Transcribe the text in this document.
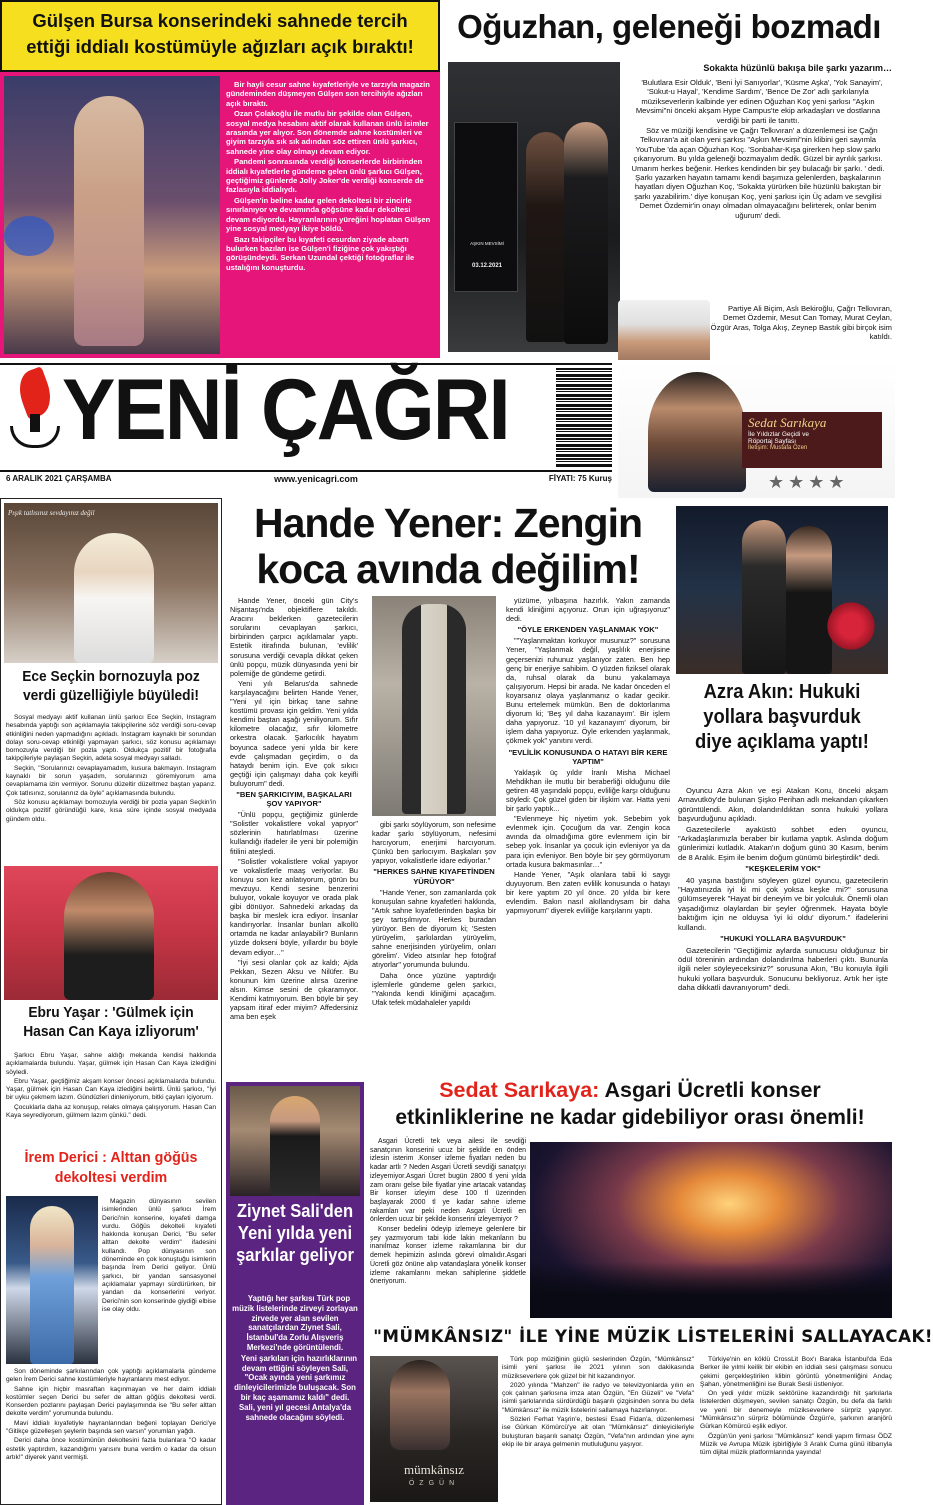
Gülşen Bursa konserindeki sahnede tercih ettiği iddialı kostümüyle ağızları açık bıraktı!

Bir hayli cesur sahne kıyafetleriyle ve tarzıyla magazin gündeminden düşmeyen Gülşen son tercihiyle ağızları açık bıraktı.

Ozan Çolakoğlu ile mutlu bir şekilde olan Gülşen, sosyal medya hesabını aktif olarak kullanan ünlü isimler arasında yer alıyor. Son dönemde sahne kostümleri ve giyim tarzıyla sık sık adından söz ettiren ünlü şarkıcı, sahnede yine olay olmayı devam ediyor.

Pandemi sonrasında verdiği konserlerde birbirinden iddialı kıyafetlerle gündeme gelen ünlü şarkıcı Gülşen, geçtiğimiz günlerde Jolly Joker'de verdiği konserde de fazlasıyla iddialıydı.

Gülşen'in beline kadar gelen dekoltesi bir zincirle sınırlanıyor ve devamında göğsüne kadar dekoltesi devam ediyordu. Hayranlarının yüreğini hoplatan Gülşen yine sosyal medyayı ikiye böldü.

Bazı takipçiler bu kıyafeti cesurdan ziyade abartı bulurken bazıları ise Gülşen'i fiziğine çok yakıştığı görüşündeydi. Serkan Uzundal çektiği fotoğraflar ile ustalığını konuşturdu.

Oğuzhan, geleneği bozmadı
AŞKIN MEVSİMİ
03.12.2021
Sokakta hüzünlü bakışa bile şarkı yazarım…

'Bulutlara Esir Olduk', 'Beni İyi Sanıyorlar', 'Küsme Aşka', 'Yok Sanayim', 'Sükut-u Hayal', 'Kendime Sardım', 'Bence De Zor' adlı şarkılarıyla müzikseverlerin kalbinde yer edinen Oğuzhan Koç yeni şarkısı "Aşkın Mevsimi"ni önceki akşam Hype Campus'te ekip arkadaşları ve dostlarına verdiği bir parti ile tanıttı.

Söz ve müziği kendisine ve Çağrı Telkıvıran' a düzenlemesi ise Çağrı Telkıvıran'a ait olan yeni şarkısı "Aşkın Mevsimi"nin klibini geri sayımla YouTube 'da açan Oğuzhan Koç. 'Sonbahar-Kışa girerken hep slow şarkı çıkarıyorum. Bu yılda geleneği bozmayalım dedik. Güzel bir ayrılık şarkısı. Umarım herkes beğenir. Herkes kendinden bir şey bulacağı bir şarkı. ' dedi. Şarkı yazarken hayatın tamamı kendi başımıza gelenlerden, başkalarının hayatları diyen Oğuzhan Koç, 'Sokakta yürürken bile hüzünlü bakıştan bir şarkı yazabilirim.' diye konuşan Koç, yeni şarkısı için Üç adam ve sevgilisi Demet Özdemir'in onayı olmadan olmayacağını belirterek, onlar benim uğurum' dedi.

Partiye Ali Biçim, Aslı Bekiroğlu, Çağrı Telkıvıran, Demet Özdemir, Mesut Can Tomay, Murat Ceylan, Özgür Aras, Tolga Akış, Zeynep Bastık gibi birçok isim katıldı.

YENİ ÇAĞRI
6 ARALIK 2021 ÇARŞAMBA	www.yenicagri.com	FİYATI: 75 Kuruş
Sedat Sarıkaya
İle Yıldızlar Geçidi ve
Röportaj Sayfası
İletişim: Mustafa Özen
★★★★
Pışık tatlısınız sevdayınız değil
Ece Seçkin bornozuyla poz verdi güzelliğiyle büyüledi!

Sosyal medyayı aktif kullanan ünlü şarkıcı Ece Seçkin, Instagram hesabında yaptığı son açıklamayla takipçilerine söz verdiği soru-cevap etkinliğini neden yapmadığını açıkladı. Instagram kaynaklı bir sorundan dolayı soru-cevap etkinliği yapmayan şarkıcı, söz konusu açıklamayı bornozuyla verdiği bir pozla yaptı. Oldukça pozitif bir fotoğrafla takipçileriyle paylaşan Seçkin, adeta sosyal medyayı salladı.

Seçkin, "Sorularınızı cevaplayamadım, kusura bakmayın. Instagram kaynaklı bir sorun yaşadım, sorularınızı göremiyorum ama cevaplamama izin vermiyor. Sorunu düzeltir düzeltmez baştan yaparız. Çok tatlısınız, sorularınız da öyle" açıklamasında bulundu.

Söz konusu açıklamayı bornozuyla verdiği bir pozla yapan Seçkin'in oldukça pozitif göründüğü kare, kısa süre içinde sosyal medyada gündem oldu.

Ebru Yaşar : 'Gülmek için Hasan Can Kaya izliyorum'

Şarkıcı Ebru Yaşar, sahne aldığı mekanda kendisi hakkında açıklamalarda bulundu. Yaşar, gülmek için Hasan Can Kaya izlediğini söyledi.

Ebru Yaşar, geçtiğimiz akşam konser öncesi açıklamalarda bulundu. Yaşar, gülmek için Hasan Can Kaya izlediğini belirtti. Ünlü şarkıcı, "İyi bir uyku çekmem lazım. Gündüzleri dinleniyorum, bitki çayları içiyorum.

Çocuklarla daha az konuşup, relaks olmaya çalışıyorum. Hasan Can Kaya seyrediyorum, gülmem lazım çünkü." dedi.

İrem Derici : Alttan göğüs dekoltesi verdim

Magazin dünyasının sevilen isimlerinden ünlü şarkıcı İrem Derici'nin konserine, kıyafeti damga vurdu. Göğüs dekolteli kıyafeti hakkında konuşan Derici, "Bu sefer alttan dekolte verdim" ifadesini kullandı. Pop dünyasının son döneminde en çok konuştuğu isimlerin başında İrem Derici geliyor. Ünlü şarkıcı, bir yandan sansasyonel açıklamalar yapmayı sürdürürken, bir yandan da konserlerini veriyor. Derici'nin son konserinde giydiği elbise ise olay oldu.

Son döneminde şarkılarından çok yaptığı açıklamalarla gündeme gelen İrem Derici sahne kostümleriyle hayranlarını mest ediyor.

Sahne için hiçbir masraftan kaçınmayan ve her daim iddialı kostümler seçen Derici bu sefer de alttan göğüs dekoltesi verdi. Konserden pozlarını paylaşan Derici paylaşımında ise "Bu sefer alttan dekolte verdim" yorumunda bulundu.

Mavi iddialı kıyafetiyle hayranlarından beğeni toplayan Derici'ye "Gitikçe güzelleşen şeylerin başında sen varsın" yorumları yağdı.

Derici daha önce kostümünün dekoltesini fazla bulanlara "O kadar estetik yaptırdım, kazandığımı yarısını buna verdim o kadar da olsun artık!" diyerek yanıt vermişti.

Hande Yener: Zengin
koca avında değilim!

Hande Yener, önceki gün City's Nişantaşı'nda objektiflere takıldı. Aracını beklerken gazetecilerin sorularını cevaplayan şarkıcı, birbirinden çarpıcı açıklamalar yaptı. Estetik itirafında bulunan, 'evlilik' sorusuna verdiği cevapla dikkat çeken ünlü popçu, müzik dünyasında yeni bir polemiğe de gündeme getirdi.

Yeni yılı Belarus'da sahnede karşılayacağını belirten Hande Yener, "Yeni yıl için birkaç tane sahne kostümü provası için geldim. Yeni yılda kendimi baştan aşağı yeniliyorum. Sıfır kilometre olacağız, sıfır kilometre orkestra olacak. Şarkıcılık hayatım boyunca sadece yeni yılda bir kere evde çalışmadan geçirdim, o da hataydı benim için. Eve çok sıkıcı geçtiği için çalışmayı daha çok keyifli buluyorum" dedi.

"BEN ŞARKICIYIM, BAŞKALARI ŞOV YAPIYOR"

"Ünlü popçu, geçtiğimiz günlerde "Solistler vokalistlere vokal yapıyor" sözlerinin hatırlatılması üzerine kullandığı ifadeler ile yeni bir polemiğin fitilini ateşledi.

"Solistler vokalistlere vokal yapıyor ve vokalistlerle maaş veriyorlar. Bu konuyu son kez anlatıyorum, görün bu mevzuyu. Kendi sesine benzerini buluyor, vokale koyuyor ve orada plak gibi dönüyor. Sahnedeki arkadaş da başka bir meslek icra ediyor. İnsanlar kandırıyorlar. İnsanlar bunları alkollü ortamda ne kadar anlayabilir? Bunların yüzde dokseni böyle, yıllardır bu böyle devam ediyor…"

"İyi sesi olanlar çok az kaldı; Ajda Pekkan, Sezen Aksu ve Nilüfer. Bu konunun kim üzerine alırsa üzerine alsın. Kimse sesini de çıkaramıyor. Kendimi katmıyorum. Ben böyle bir şey yapsam itiraf eder miyim? Affedersiniz ama ben eşek

gibi şarkı söylüyorum, son nefesime kadar şarkı söylüyorum, nefesimi harcıyorum, enerjimi harcıyorum. Çünkü ben şarkıcıyım. Başkaları şov yapıyor, vokalistlerle idare ediyorlar."

"HERKES SAHNE KIYAFETİNDEN YÜRÜYOR"

"Hande Yener, son zamanlarda çok konuşulan sahne kıyafetleri hakkında, "Artık sahne kıyafetlerinden başka bir şey tartışılmıyor. Herkes buradan yürüyor. Ben de diyorum ki; 'Sesten yürüyelim, şarkılardan yürüyelim, sahne enerjisinden yürüyelim, onları görelim'. Video atsınlar hep fotoğraf atıyorlar" yorumunda bulundu.

Daha önce yüzüne yaptırdığı işlemlerle gündeme gelen şarkıcı, "Yakında kendi kliniğimi açacağım. Ufak tefek müdahaleler yapıldı

yüzüme, yılbaşına hazırlık. Yakın zamanda kendi kliniğimi açıyoruz. Orun için uğraşıyoruz" dedi.

"ÖYLE ERKENDEN YAŞLANMAK YOK"

""Yaşlanmaktan korkuyor musunuz?" sorusuna Yener, "Yaşlanmak değil, yaşlılık enerjisine geçersenizi ruhunuz yaşlanıyor zaten. Ben hep genç bir enerjiye sahibim. O yüzden fiziksel olarak da, ruhsal olarak da bunu yakalamaya çalışıyorum. Hepsi bir arada. Ne kadar önceden el koyarsanız olaya yaşlanmanız o kadar gecikir. Bunu ertelemek mümkün. Ben de doktorlarıma diyorum ki; 'Beş yıl daha kazanayım'. Bir işlem daha yapıyoruz. '10 yıl kazanayım' diyorum, bir işlem daha yapıyoruz. Öyle erkenden yaşlanmak, çökmek yok" yanıtını verdi.

"EVLİLİK KONUSUNDA O HATAYI BİR KERE YAPTIM"

Yaklaşık üç yıldır İranlı Misha Michael Mehdikhan ile mutlu bir beraberliği olduğunu dile getiren 48 yaşındaki popçu, evliliğe karşı olduğunu söyledi: Çok güzel giden bir ilişkim var. Hatta yeni bir şarkı yaptık...

"Evlenmeye hiç niyetim yok. Sebebim yok evlenmek için. Çocuğum da var. Zengin koca avında da olmadığıma göre evlenmem için bir sebep yok. İnsanlar ya çocuk için evleniyor ya da para için evleniyor. Ben böyle bir şey görmüyorum ortada kusura bakmasınlar…"

Hande Yener, "Aşık olanlara tabii ki saygı duyuyorum. Ben zaten evlilik konusunda o hatayı bir kere yaptım 20 yıl önce. 20 yılda bir kere evlendim. Bakın nasıl akıllandıysam bir daha yapmıyorum" diyerek evliliğe karşılarını yaptı.

Azra Akın: Hukuki yollara başvurduk diye açıklama yaptı!

Oyuncu Azra Akın ve eşi Atakan Koru, önceki akşam Arnavutköy'de bulunan Şişko Perihan adlı mekandan çıkarken görüntülendi. Akın, dolandırıldıktan sonra hukuki yollara başvurduğunu açıkladı.

Gazetecilerle ayaküstü sohbet eden oyuncu, "Arkadaşlarımızla beraber bir kutlama yaptık. Aslında doğum günlerimizi kutladık. Atakan'ın doğum günü 30 Kasım, benim de 8 Aralık. Eşim ile benim doğum günümü birleştirdik" dedi.

"KEŞKELERİM YOK"

40 yaşına bastığını söyleyen güzel oyuncu, gazetecilerin "Hayatınızda iyi ki mi çok yoksa keşke mi?" sorusuna gülümseyerek "Hayat bir deneyim ve bir yolculuk. Önemli olan yaşadığımız olaylardan bir şeyler öğrenmek. Hayata böyle baktığım için ne olduysa 'iyi ki oldu' diyorum." ifadelerini kullandı.

"HUKUKİ YOLLARA BAŞVURDUK"

Gazetecilerin "Geçtiğimiz aylarda sunucusu olduğunuz bir ödül töreninin ardından dolandırılma haberleri çıktı. Bununla ilgili neler söyleyeceksiniz?" sorusuna Akın, "Bu konuyla ilgili hukuki yollara başvurduk. Sonucunu bekliyoruz. Artık her işte daha dikkatli davranıyorum" dedi.

Sedat Sarıkaya: Asgari Ücretli konser
etkinliklerine ne kadar gidebiliyor orası önemli!

Asgari Ücretli tek veya ailesi ile sevdiği sanatçının konserini ucuz bir şekilde en önden izlesin isterim .Konser izleme fiyatları neden bu kadar artlı ? Neden Asgari Ücretli sevdiği sanatçıyı izleyemiyor.Asgari Ücret bugün 2800 tl yeni yılda zam oranı gelse bile fiyatlar yine artacak vatandaş Bir konser izleyim dese 100 tl üzerinden başlayarak 2000 tl ye kadar sahne izleme rakamları var peki neden Asgari Ücretli en önlerden ucuz bir şekilde konserini izleyemiyor ?

Konser bedelini ödeyip izlemeye gelenlere bir şey yazmıyorum tabi kide lakin mekanların bu inanılmaz konser izleme rakamlarına bir dur demek hepimizin aslında görevi olmalıdır.Asgari Ücretli göz önüne alıp vatandaşlara yönelik konser izleme rakamlarını mekan sahiplerine şiddetle öneriyorum.

Ziynet Sali'den Yeni yılda yeni şarkılar geliyor

Yaptığı her şarkısı Türk pop müzik listelerinde zirveyi zorlayan zirvede yer alan sevilen sanatçılardan Ziynet Sali, İstanbul'da Zorlu Alışveriş Merkezi'nde görüntülendi.

Yeni şarkıları için hazırlıklarının devam ettiğini söyleyen Sali, "Ocak ayında yeni şarkımız dinleyicilerimizle buluşacak. Son bir kaç aşamamız kaldı" dedi. Sali, yeni yıl gecesi Antalya'da sahnede olacağını söyledi.

"MÜMKÂNSIZ" İLE YİNE MÜZİK LİSTELERİNİ SALLAYACAK!
mümkânsız
ÖZGÜN

Türk pop müziğinin güçlü seslerinden Özgün, "Mümkânsız" isimli yeni şarkısı ile 2021 yılının son dakikasında müzikseverlere çok güzel bir hit kazandırıyor.

2020 yılında "Mahzen" ile radyo ve televizyonlarda yılın en çok çalınan şarkısına imza atan Özgün, "En Güzeli" ve "Vefa" isimli şarkılarında sürdürdüğü başarılı çizgisinden sonra bu defa "Mümkânsız" ile müzik listelerini sallamaya hazırlanıyor.

Sözleri Ferhat Yaşrin'e, bestesi Esad Fidan'a, düzenlemesi ise Gürkan Kömürcü'ye ait olan "Mümkânsız" dinleyicileriyle buluşturan başarılı sanatçı Özgün, "Vefa"nın ardından yine aynı ekip ile bir araya gelmenin mutluluğunu yaşıyor.

Türkiye'nin en köklü CrossLit Box'ı Baraka İstanbul'da Eda Berker ile yılmi keilik bir ekibin en iddialı sesi çalışması sonucu çekimi gerçekleştirilen klibin görüntü yönetmenliğini Andaç Şahan, yönetmenliğini ise Burak Sesli üstleniyor.

On yedi yıldır müzik sektörüne kazandırdığı hit şarkılarla listelerden düşmeyen, sevilen sanatçı Özgün, bu defa da farklı ve yeni bir denemeyle müzikseverlere sürpriz yapıyor. "Mümkânsız"ın sürpriz bölümünde Özgün'e, şarkının aranjörü Gürkan Kömürcü eşlik ediyor.

Özgün'ün yeni şarkısı "Mümkânsız" kendi yapım firması ÖDZ Müzik ve Avrupa Müzik işbirliğiyle 3 Aralık Cuma günü itibarıyla tüm dijital müzik platformlarında yayında!
